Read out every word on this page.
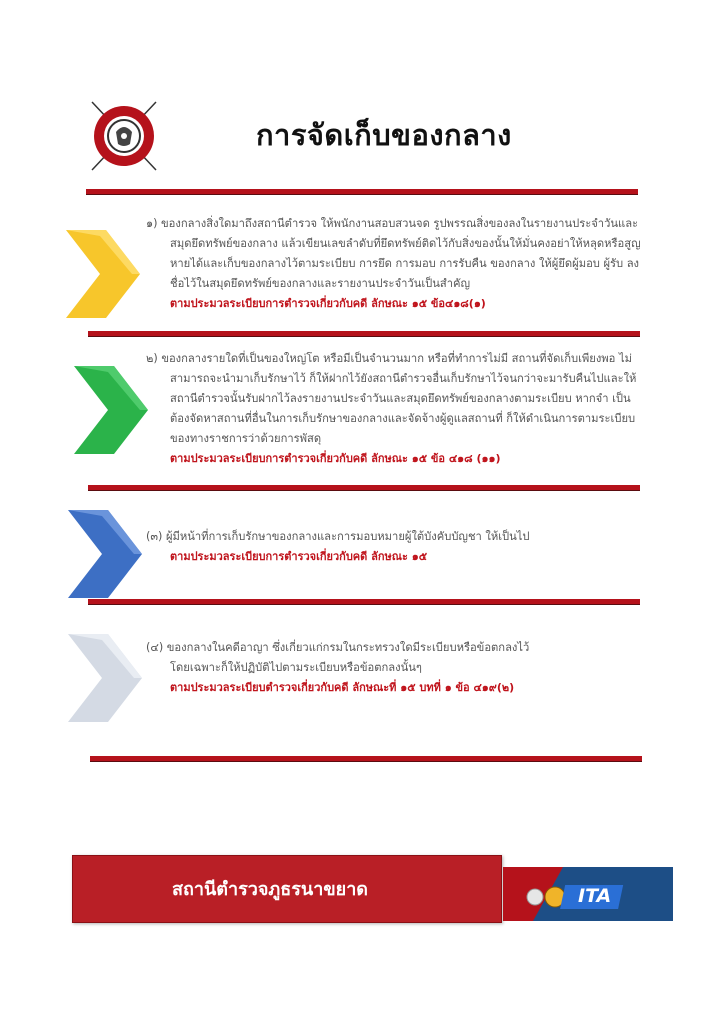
การจัดเก็บของกลาง
๑) ของกลางสิ่งใดมาถึงสถานีตำรวจ ให้พนักงานสอบสวนจด รูปพรรณสิ่งของลงในรายงานประจำวันและ
สมุดยึดทรัพย์ของกลาง แล้วเขียนเลขลำดับที่ยึดทรัพย์ติดไว้กับสิ่งของนั้นให้มั่นคงอย่าให้หลุดหรือสูญ
หายได้และเก็บของกลางไว้ตามระเบียบ การยึด การมอบ การรับคืน ของกลาง ให้ผู้ยึดผู้มอบ ผู้รับ ลง
ชื่อไว้ในสมุดยึดทรัพย์ของกลางและรายงานประจำวันเป็นสำคัญ
ตามประมวลระเบียบการตำรวจเกี่ยวกับคดี ลักษณะ ๑๕ ข้อ๔๑๘(๑)
๒) ของกลางรายใดที่เป็นของใหญ่โต หรือมีเป็นจำนวนมาก หรือที่ทำการไม่มี สถานที่จัดเก็บเพียงพอ ไม่
สามารถจะนำมาเก็บรักษาไว้ ก็ให้ฝากไว้ยังสถานีตำรวจอื่นเก็บรักษาไว้จนกว่าจะมารับคืนไปและให้
สถานีตำรวจนั้นรับฝากไว้ลงรายงานประจำวันและสมุดยึดทรัพย์ของกลางตามระเบียบ หากจำ เป็น
ต้องจัดหาสถานที่อื่นในการเก็บรักษาของกลางและจัดจ้างผู้ดูแลสถานที่ ก็ให้ดำเนินการตามระเบียบ
ของทางราชการว่าด้วยการพัสดุ
ตามประมวลระเบียบการตำรวจเกี่ยวกับคดี ลักษณะ ๑๕ ข้อ ๔๑๘ (๑๑)
(๓) ผู้มีหน้าที่การเก็บรักษาของกลางและการมอบหมายผู้ใต้บังคับบัญชา ให้เป็นไป
ตามประมวลระเบียบการตำรวจเกี่ยวกับคดี ลักษณะ ๑๕
(๔) ของกลางในคดีอาญา ซึ่งเกี่ยวแก่กรมในกระทรวงใดมีระเบียบหรือข้อตกลงไว้
โดยเฉพาะก็ให้ปฏิบัติไปตามระเบียบหรือข้อตกลงนั้นๆ
ตามประมวลระเบียบตำรวจเกี่ยวกับคดี ลักษณะที่ ๑๕ บทที่ ๑ ข้อ ๔๑๙(๒)
สถานีตำรวจภูธรนาขยาด	ITA
